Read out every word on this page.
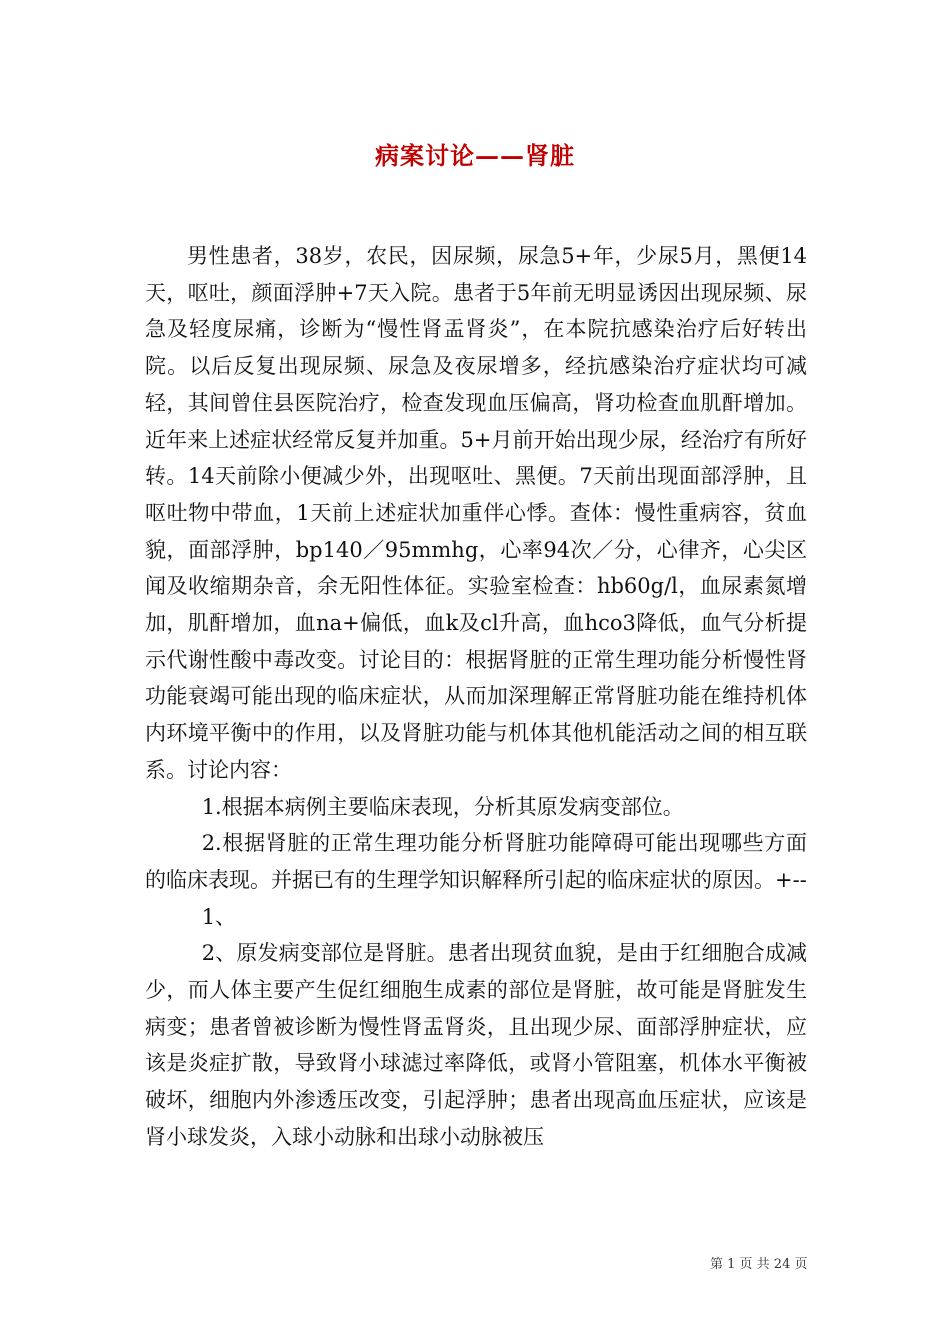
病案讨论——肾脏

男性患者，38岁，农民，因尿频，尿急5+年，少尿5月，黑便14天，呕吐，颜面浮肿+7天入院。患者于5年前无明显诱因出现尿频、尿急及轻度尿痛，诊断为“慢性肾盂肾炎”，在本院抗感染治疗后好转出院。以后反复出现尿频、尿急及夜尿增多，经抗感染治疗症状均可减轻，其间曾住县医院治疗，检查发现血压偏高，肾功检查血肌酐增加。近年来上述症状经常反复并加重。5+月前开始出现少尿，经治疗有所好转。14天前除小便减少外，出现呕吐、黑便。7天前出现面部浮肿，且呕吐物中带血，1天前上述症状加重伴心悸。查体：慢性重病容，贫血貌，面部浮肿，bp140／95mmhg，心率94次／分，心律齐，心尖区闻及收缩期杂音，余无阳性体征。实验室检查：hb60g/l，血尿素氮增加，肌酐增加，血na+偏低，血k及cl升高，血hco3降低，血气分析提示代谢性酸中毒改变。讨论目的：根据肾脏的正常生理功能分析慢性肾功能衰竭可能出现的临床症状，从而加深理解正常肾脏功能在维持机体内环境平衡中的作用，以及肾脏功能与机体其他机能活动之间的相互联系。讨论内容：

1.根据本病例主要临床表现，分析其原发病变部位。

2.根据肾脏的正常生理功能分析肾脏功能障碍可能出现哪些方面的临床表现。并据已有的生理学知识解释所引起的临床症状的原因。+--

1、

2、原发病变部位是肾脏。患者出现贫血貌，是由于红细胞合成减少，而人体主要产生促红细胞生成素的部位是肾脏，故可能是肾脏发生病变；患者曾被诊断为慢性肾盂肾炎，且出现少尿、面部浮肿症状，应该是炎症扩散，导致肾小球滤过率降低，或肾小管阻塞，机体水平衡被破坏，细胞内外渗透压改变，引起浮肿；患者出现高血压症状，应该是肾小球发炎，入球小动脉和出球小动脉被压

第 1 页 共 24 页
